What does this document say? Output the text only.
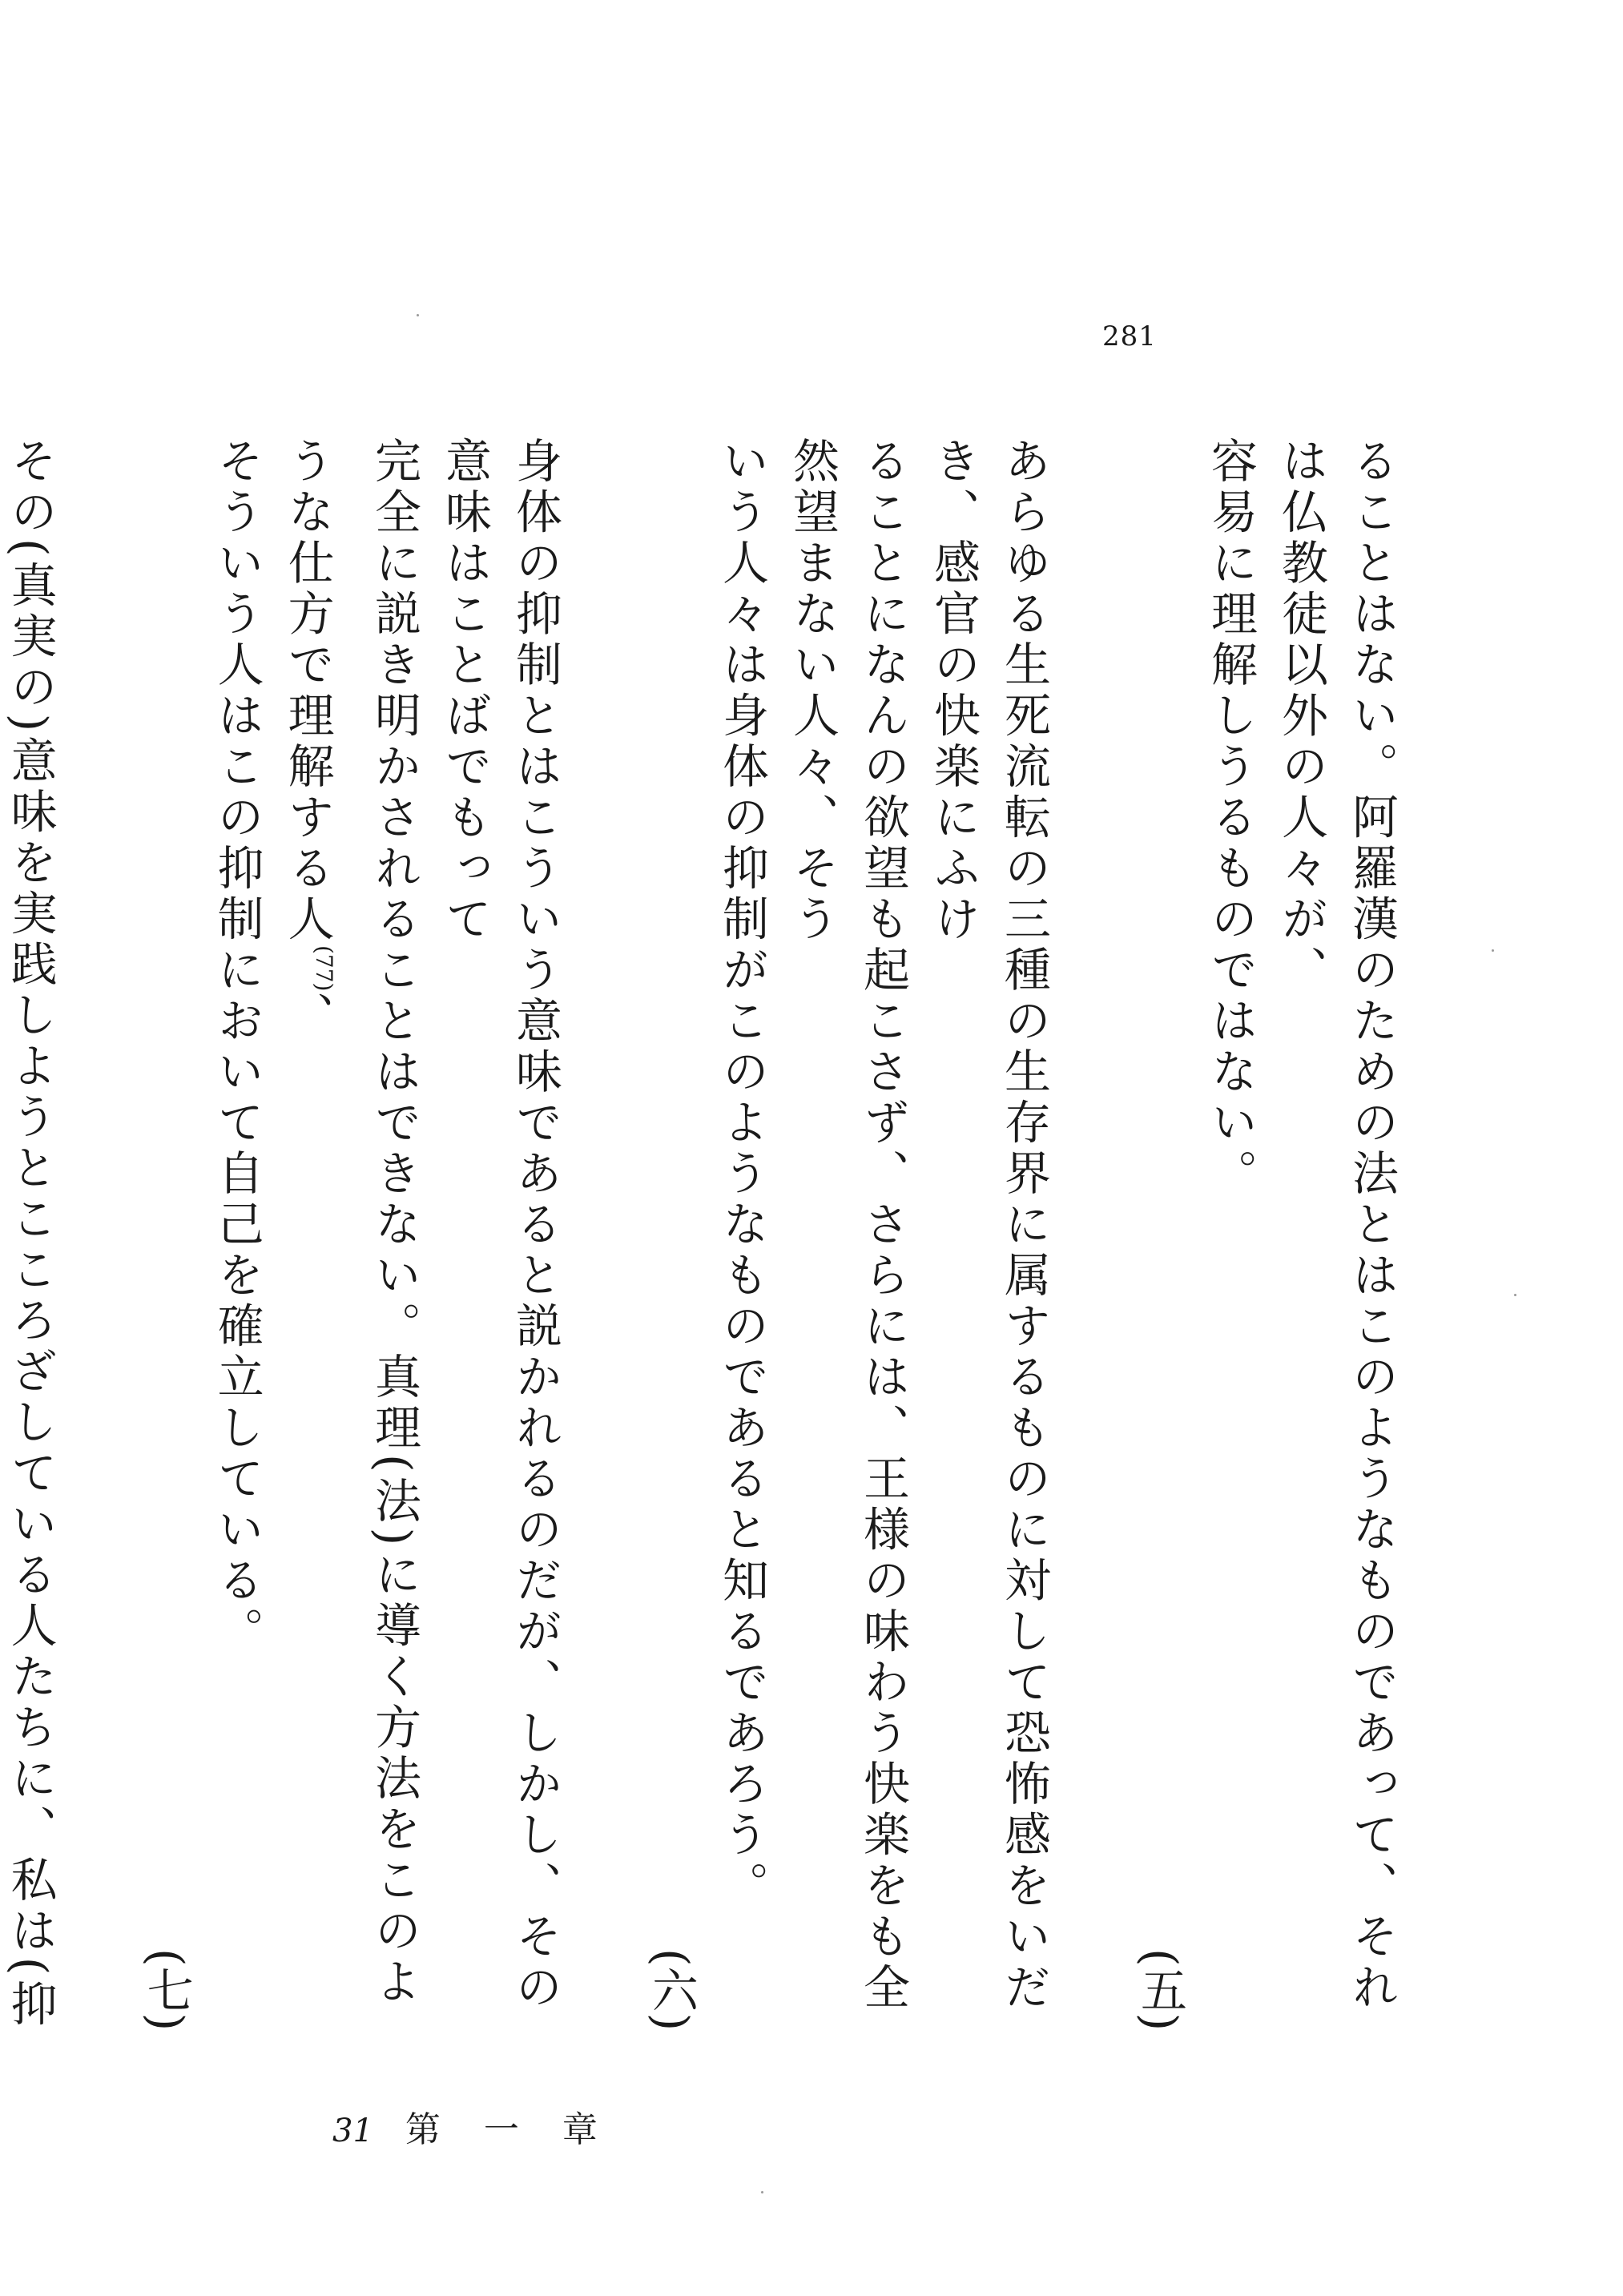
281

ることはない。阿羅漢のための法とはこのようなものであって、それは仏教徒以外の人々が、
容易に理解しうるものではない。
(五)

あらゆる生死流転の三種の生存界に属するものに対して恐怖感をいだき、感官の快楽にふけ
ることになんの欲望も起こさず、さらには、王様の味わう快楽をも全然望まない人々、そう
いう人々は身体の抑制がこのようなものであると知るであろう。
(六)

身体の抑制とはこういう意味であると説かれるのだが、しかし、その意味はことばでもって
完全に説き明かされることはできない。真理(法)に導く方法をこのような仕方で理解する人$^{(77)}$、
そういう人はこの抑制において自己を確立している。
(七)

その(真実の)意味を実践しようとこころざしている人たちに、私は(抑

31 第 一 章
